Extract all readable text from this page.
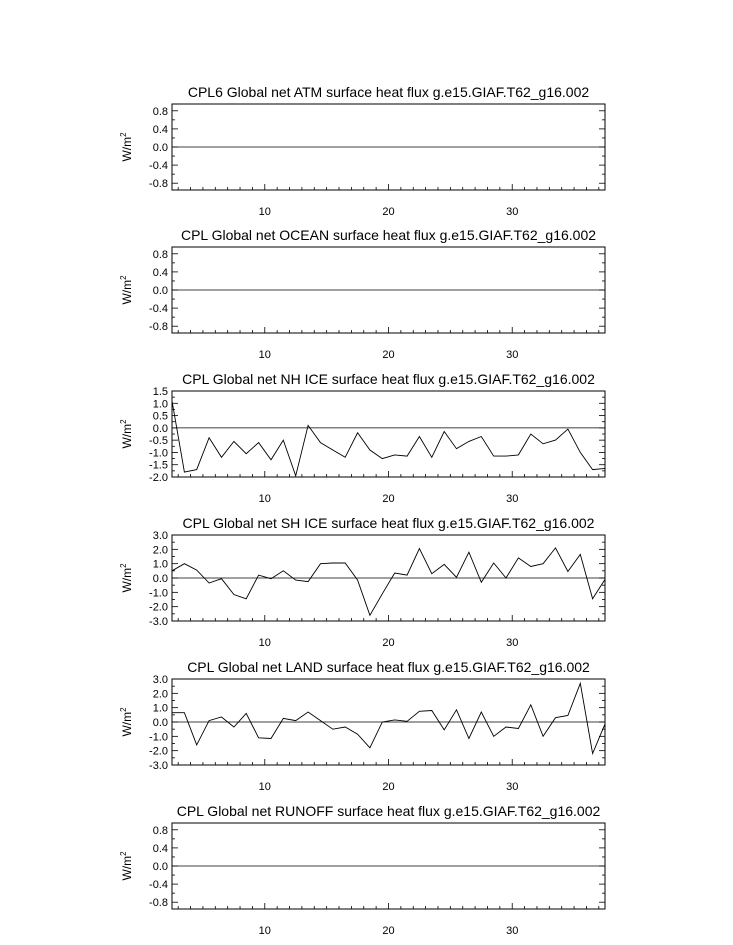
CPL6 Global net ATM surface heat flux g.e15.GIAF.T62_g16.002
0.8
0.4
0.0
-0.4
-0.8
10	20	30
$W/m^2$
CPL Global net OCEAN surface heat flux g.e15.GIAF.T62_g16.002
0.8
0.4
0.0
-0.4
-0.8
10	20	30
$W/m^2$
CPL Global net NH ICE surface heat flux g.e15.GIAF.T62_g16.002
1.5
1.0
0.5
0.0
-0.5
-1.0
-1.5
-2.0
10	20	30
$W/m^2$
CPL Global net SH ICE surface heat flux g.e15.GIAF.T62_g16.002
3.0
2.0
1.0
0.0
-1.0
-2.0
-3.0
10	20	30
$W/m^2$
CPL Global net LAND surface heat flux g.e15.GIAF.T62_g16.002
3.0
2.0
1.0
0.0
-1.0
-2.0
-3.0
10	20	30
$W/m^2$
CPL Global net RUNOFF surface heat flux g.e15.GIAF.T62_g16.002
0.8
0.4
0.0
-0.4
-0.8
10	20	30
$W/m^2$
